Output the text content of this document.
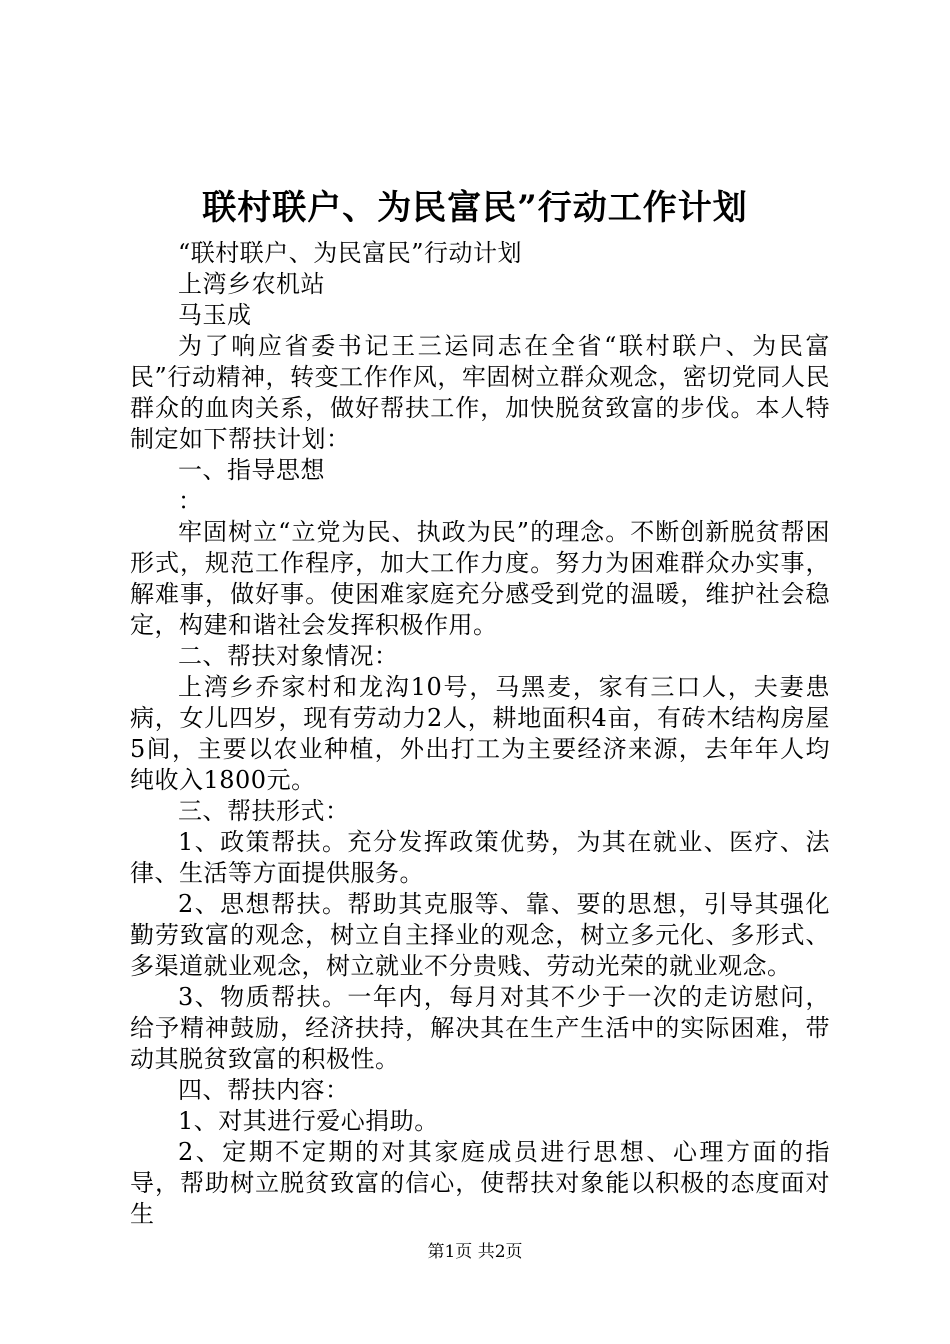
联村联户、为民富民”行动工作计划

“联村联户、为民富民”行动计划

上湾乡农机站

马玉成

为了响应省委书记王三运同志在全省“联村联户、为民富民”行动精神，转变工作作风，牢固树立群众观念，密切党同人民群众的血肉关系，做好帮扶工作，加快脱贫致富的步伐。本人特制定如下帮扶计划：

一、指导思想

：

牢固树立“立党为民、执政为民”的理念。不断创新脱贫帮困形式，规范工作程序，加大工作力度。努力为困难群众办实事，解难事，做好事。使困难家庭充分感受到党的温暖，维护社会稳定，构建和谐社会发挥积极作用。

二、帮扶对象情况：

上湾乡乔家村和龙沟10号，马黑麦，家有三口人，夫妻患病，女儿四岁，现有劳动力2人，耕地面积4亩，有砖木结构房屋5间，主要以农业种植，外出打工为主要经济来源，去年年人均纯收入1800元。

三、帮扶形式：

1、政策帮扶。充分发挥政策优势，为其在就业、医疗、法律、生活等方面提供服务。

2、思想帮扶。帮助其克服等、靠、要的思想，引导其强化勤劳致富的观念，树立自主择业的观念，树立多元化、多形式、多渠道就业观念，树立就业不分贵贱、劳动光荣的就业观念。

3、物质帮扶。一年内，每月对其不少于一次的走访慰问，给予精神鼓励，经济扶持，解决其在生产生活中的实际困难，带动其脱贫致富的积极性。

四、帮扶内容：

1、对其进行爱心捐助。

2、定期不定期的对其家庭成员进行思想、心理方面的指导，帮助树立脱贫致富的信心，使帮扶对象能以积极的态度面对生

第1页 共2页
